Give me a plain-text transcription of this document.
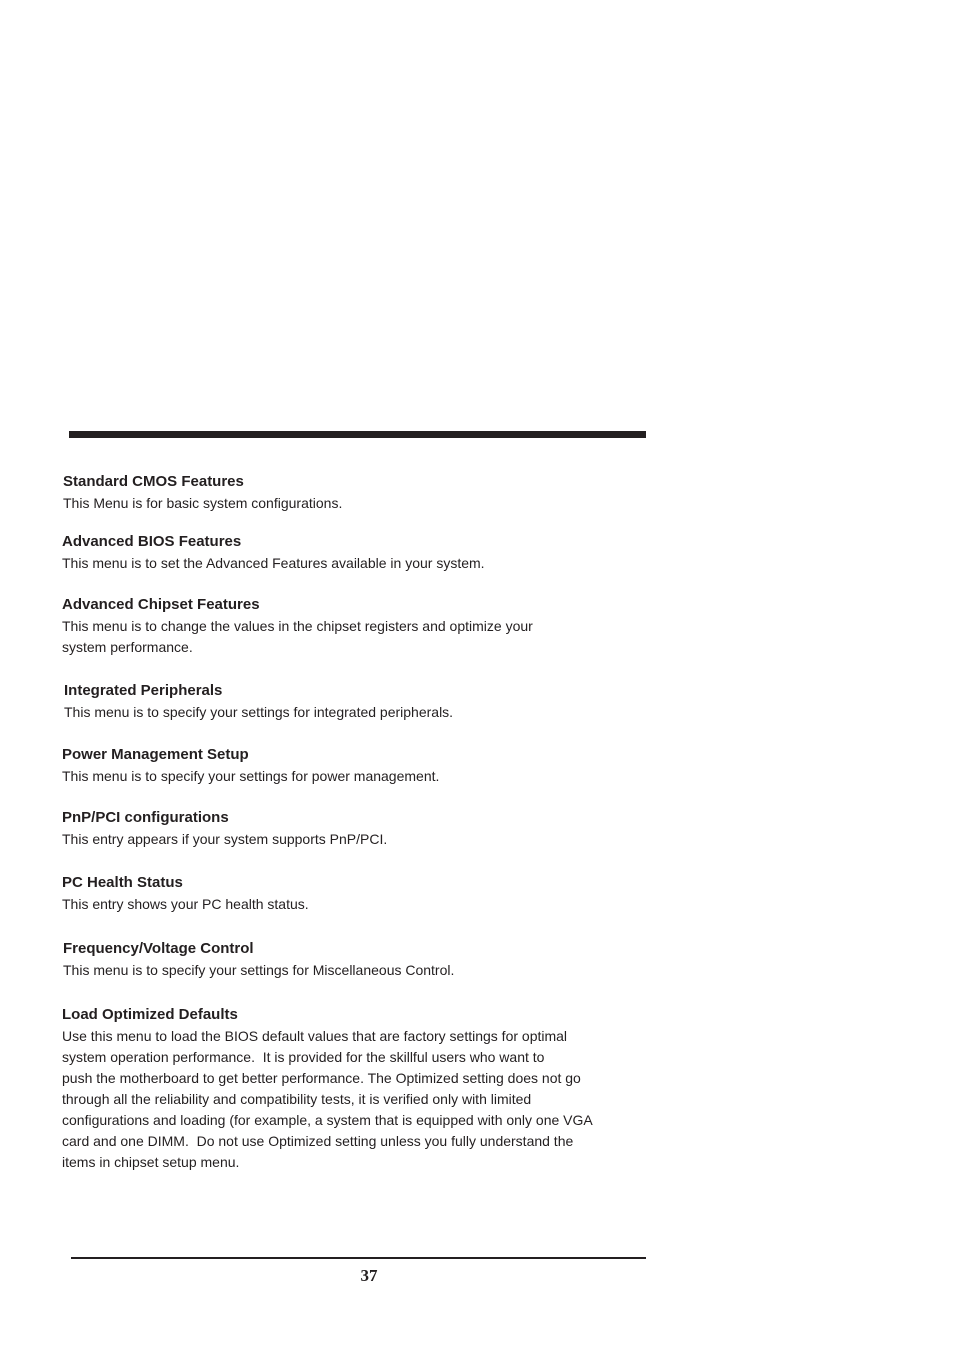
Standard CMOS Features
This Menu is for basic system configurations.
Advanced BIOS Features
This menu is to set the Advanced Features available in your system.
Advanced Chipset Features
This menu is to change the values in the chipset registers and optimize your
system performance.
Integrated Peripherals
This menu is to specify your settings for integrated peripherals.
Power Management Setup
This menu is to specify your settings for power management.
PnP/PCI configurations
This entry appears if your system supports PnP/PCI.
PC Health Status
This entry shows your PC health status.
Frequency/Voltage Control
This menu is to specify your settings for Miscellaneous Control.
Load Optimized Defaults
Use this menu to load the BIOS default values that are factory settings for optimal
system operation performance.  It is provided for the skillful users who want to
push the motherboard to get better performance. The Optimized setting does not go
through all the reliability and compatibility tests, it is verified only with limited
configurations and loading (for example, a system that is equipped with only one VGA
card and one DIMM.  Do not use Optimized setting unless you fully understand the
items in chipset setup menu.
37
